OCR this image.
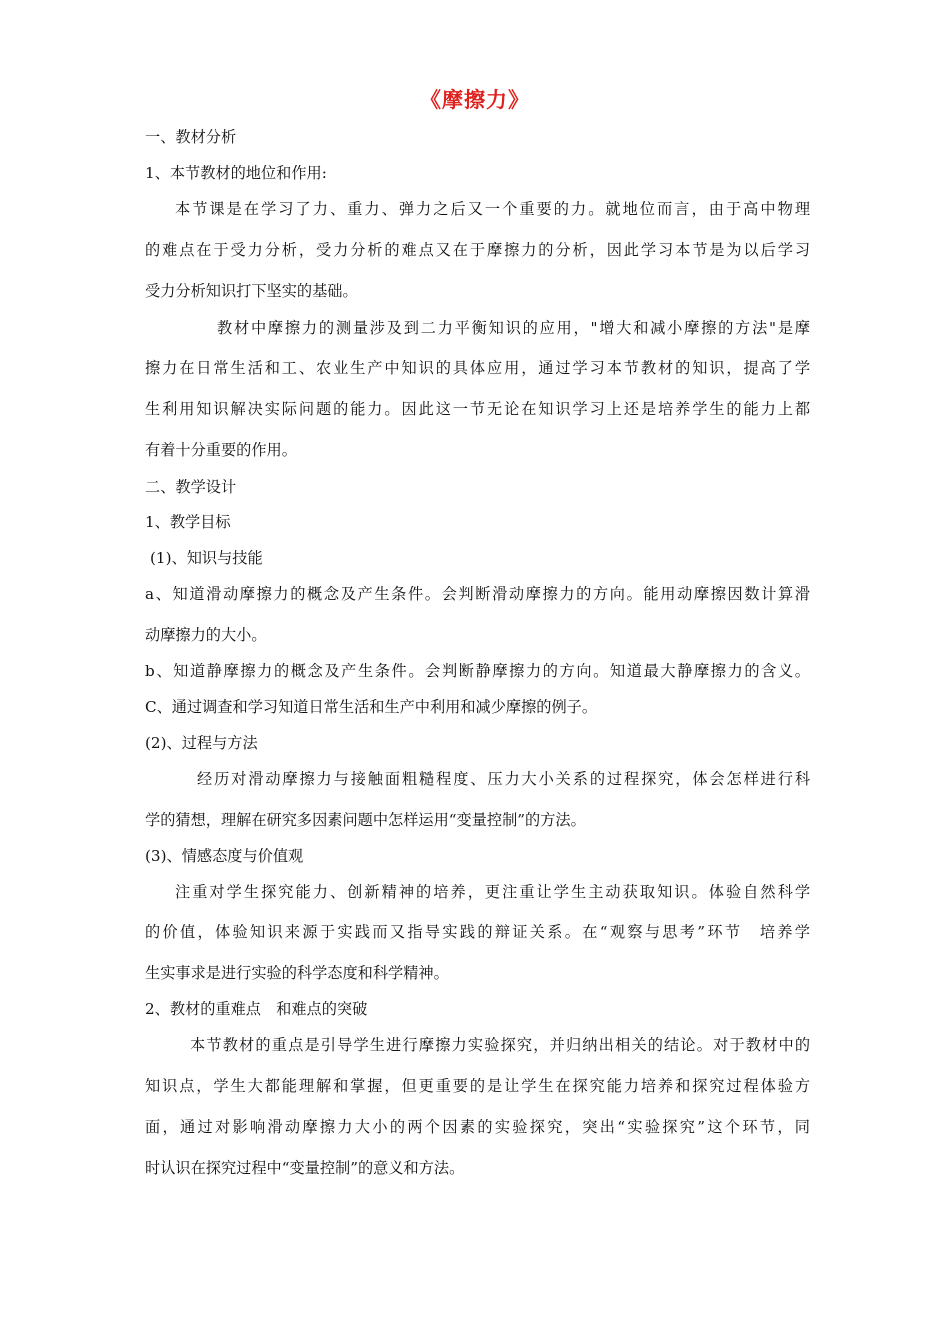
《摩擦力》
一、教材分析
1、本节教材的地位和作用:
本节课是在学习了力、重力、弹力之后又一个重要的力。就地位而言，由于高中物理
的难点在于受力分析，受力分析的难点又在于摩擦力的分析，因此学习本节是为以后学习
受力分析知识打下坚实的基础。
教材中摩擦力的测量涉及到二力平衡知识的应用，"增大和减小摩擦的方法"是摩
擦力在日常生活和工、农业生产中知识的具体应用，通过学习本节教材的知识，提高了学
生利用知识解决实际问题的能力。因此这一节无论在知识学习上还是培养学生的能力上都
有着十分重要的作用。
二、教学设计
1、教学目标
(1)、知识与技能
a、知道滑动摩擦力的概念及产生条件。会判断滑动摩擦力的方向。能用动摩擦因数计算滑
动摩擦力的大小。
b、知道静摩擦力的概念及产生条件。会判断静摩擦力的方向。知道最大静摩擦力的含义。
C、通过调查和学习知道日常生活和生产中利用和减少摩擦的例子。
(2)、过程与方法
经历对滑动摩擦力与接触面粗糙程度、压力大小关系的过程探究，体会怎样进行科
学的猜想，理解在研究多因素问题中怎样运用“变量控制”的方法。
(3)、情感态度与价值观
注重对学生探究能力、创新精神的培养，更注重让学生主动获取知识。体验自然科学
的价值，体验知识来源于实践而又指导实践的辩证关系。在“观察与思考”环节　培养学
生实事求是进行实验的科学态度和科学精神。
2、教材的重难点　和难点的突破
本节教材的重点是引导学生进行摩擦力实验探究，并归纳出相关的结论。对于教材中的
知识点，学生大都能理解和掌握，但更重要的是让学生在探究能力培养和探究过程体验方
面，通过对影响滑动摩擦力大小的两个因素的实验探究，突出“实验探究”这个环节，同
时认识在探究过程中“变量控制”的意义和方法。
